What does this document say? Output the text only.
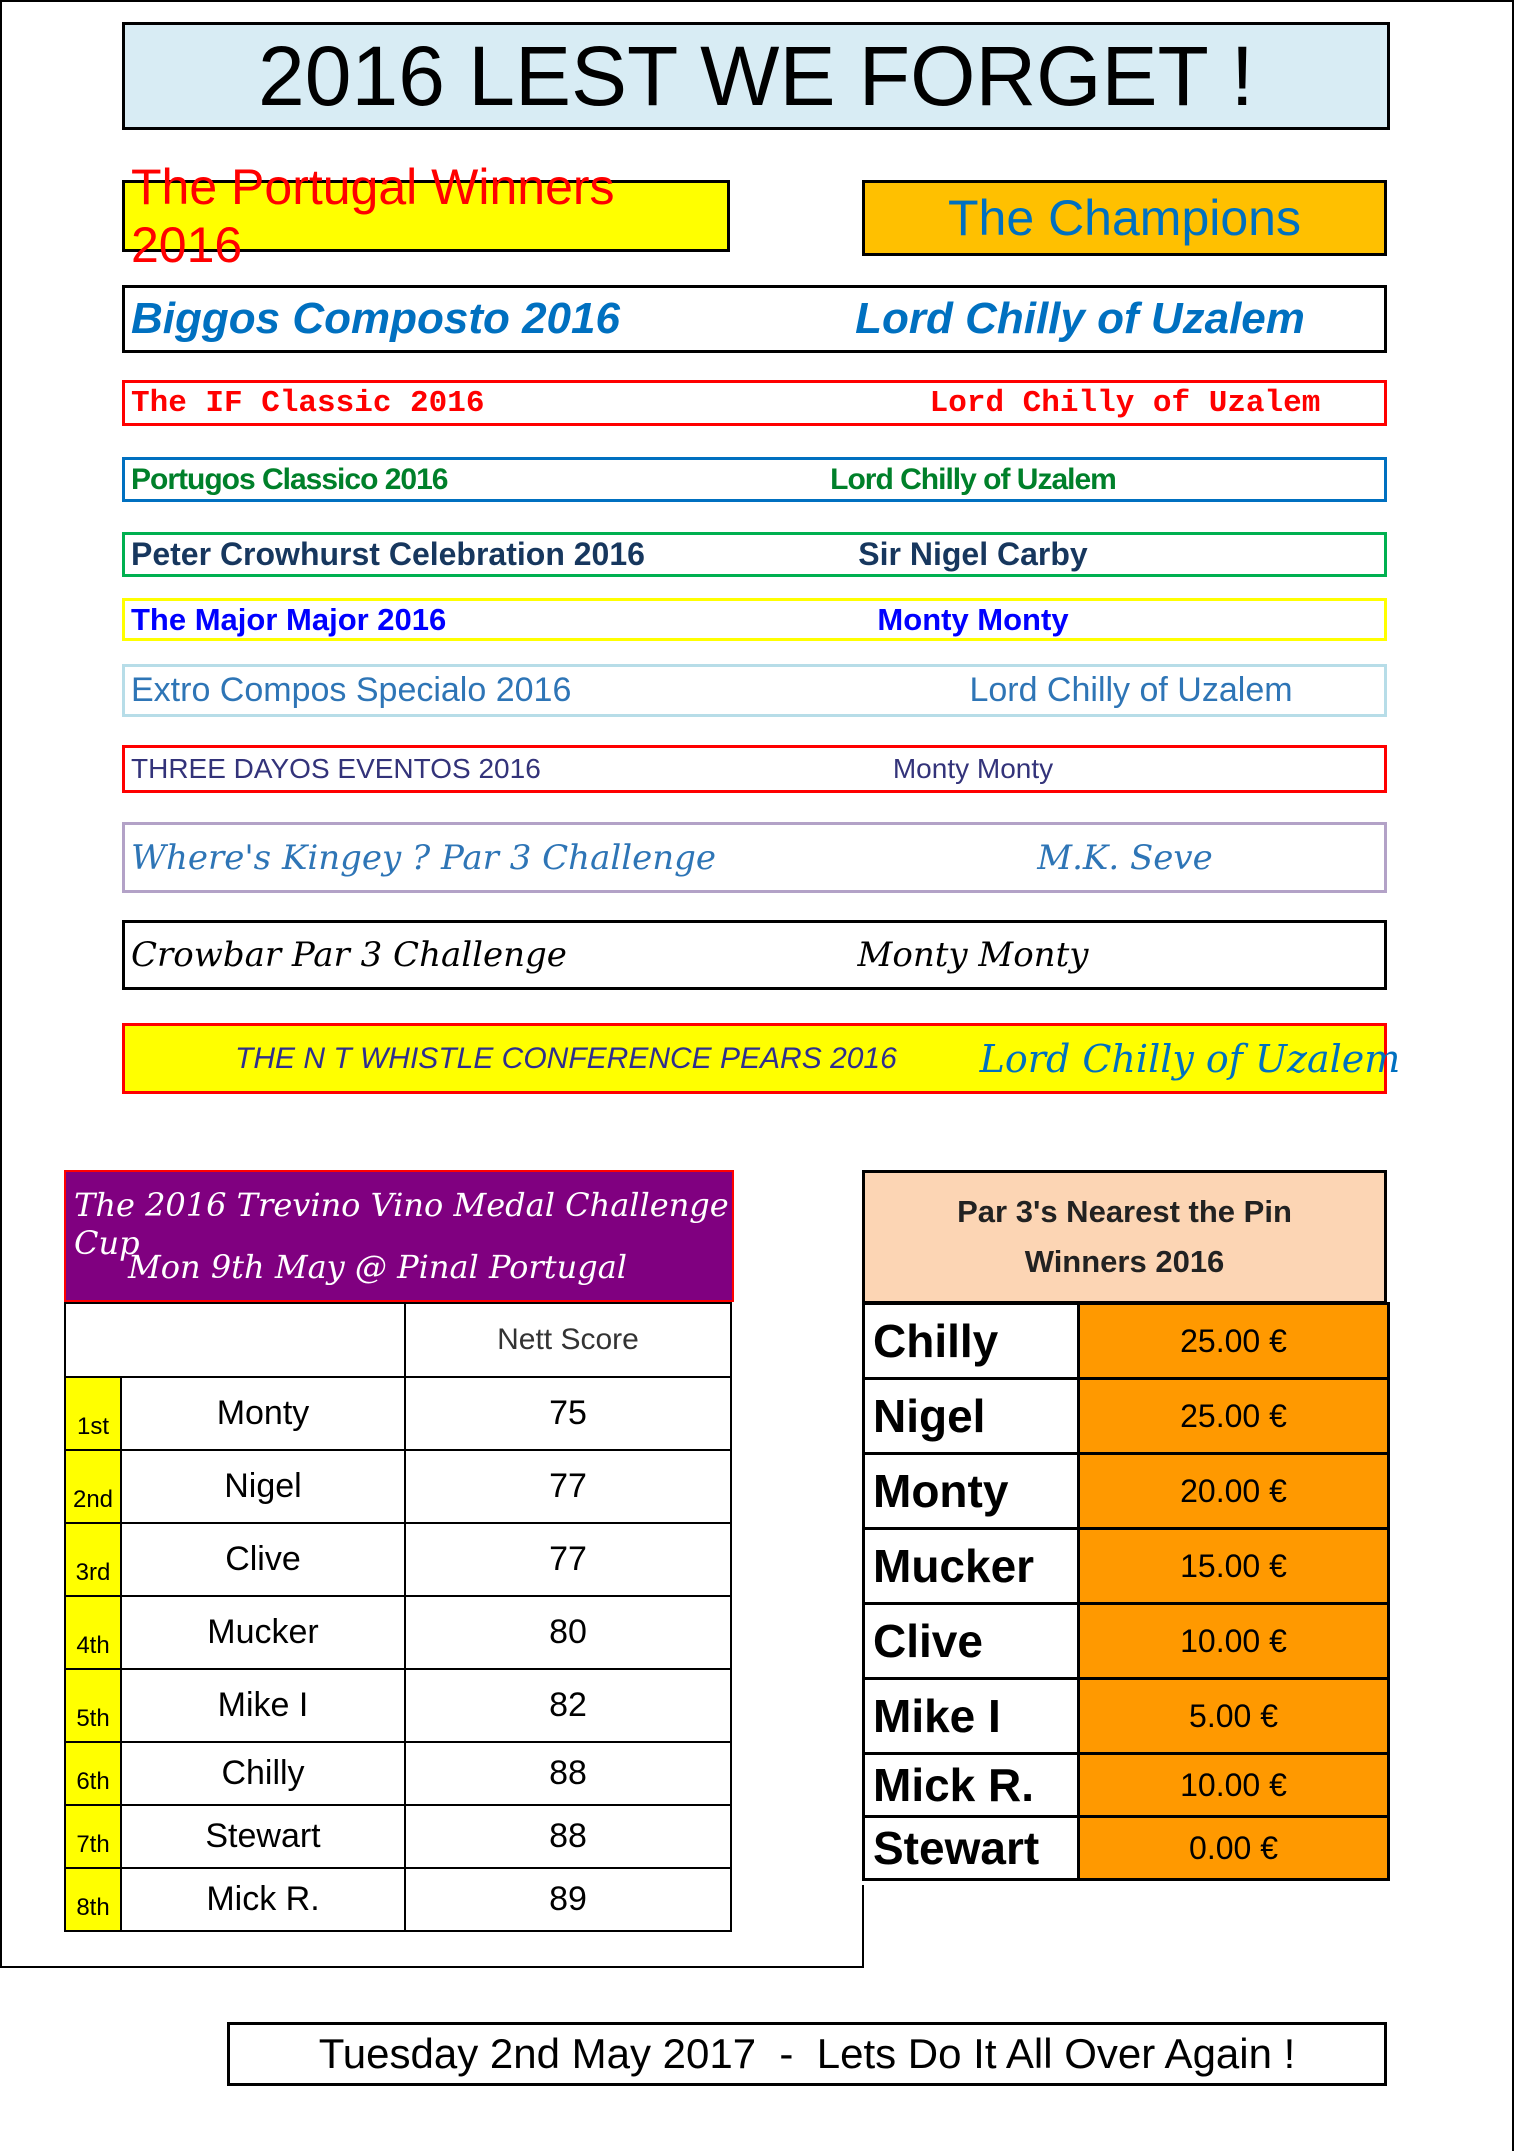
2016 LEST WE FORGET !
The Portugal Winners 2016	The Champions
Biggos Composto 2016	Lord Chilly of Uzalem
The IF Classic 2016	Lord Chilly of Uzalem
Portugos Classico 2016	Lord Chilly of Uzalem
Peter Crowhurst Celebration 2016	Sir Nigel Carby
The Major Major 2016	Monty Monty
Extro Compos Specialo 2016	Lord Chilly of Uzalem
THREE DAYOS EVENTOS 2016	Monty Monty
Where's Kingey ? Par 3 Challenge	M.K. Seve
Crowbar Par 3 Challenge	Monty Monty
THE N T WHISTLE CONFERENCE PEARS 2016 Lord Chilly of Uzalem
The 2016 Trevino Vino Medal Challenge Cup
Mon 9th May @ Pinal Portugal
		Nett Score
1st	Monty	75
2nd	Nigel	77
3rd	Clive	77
4th	Mucker	80
5th	Mike I	82
6th	Chilly	88
7th	Stewart	88
8th	Mick R.	89
Par 3's Nearest the Pin
Winners 2016
Chilly	25.00 €
Nigel	25.00 €
Monty	20.00 €
Mucker	15.00 €
Clive	10.00 €
Mike I	5.00 €
Mick R.	10.00 €
Stewart	0.00 €
Tuesday 2nd May 2017  -  Lets Do It All Over Again !
